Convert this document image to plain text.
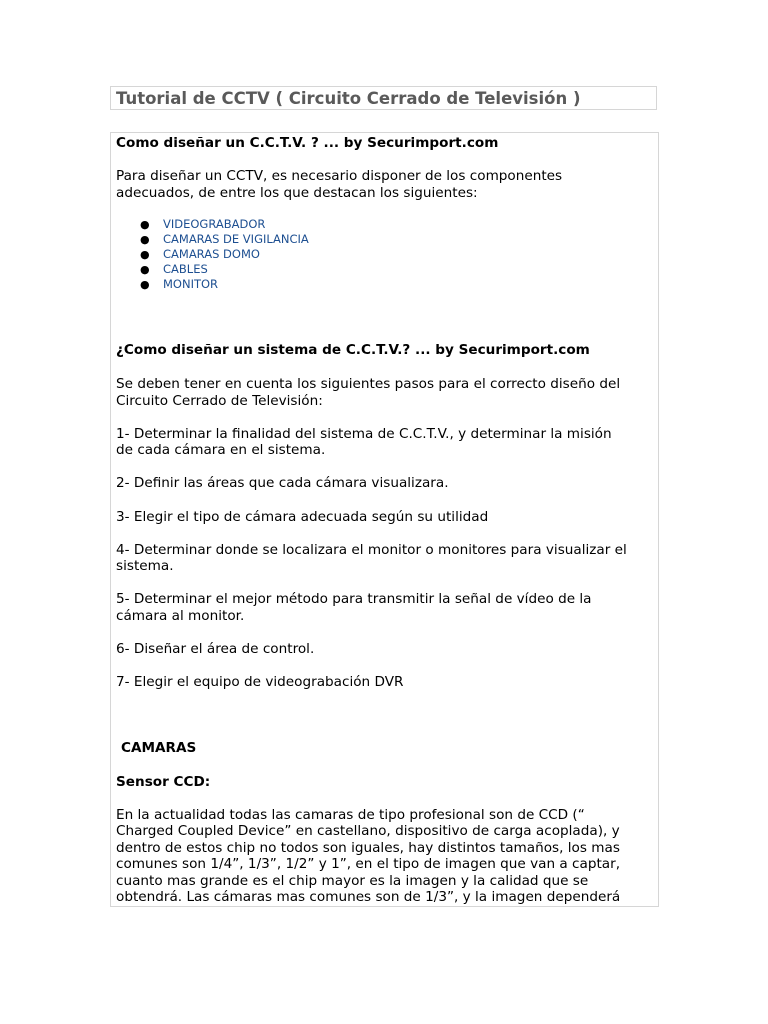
Tutorial de CCTV ( Circuito Cerrado de Televisión )

Como diseñar un C.C.T.V. ? ... by Securimport.com

Para diseñar un CCTV, es necesario disponer de los componentes

adecuados, de entre los que destacan los siguientes:

● VIDEOGRABADOR
● CAMARAS DE VIGILANCIA
● CAMARAS DOMO
● CABLES
● MONITOR

¿Como diseñar un sistema de C.C.T.V.? ... by Securimport.com

Se deben tener en cuenta los siguientes pasos para el correcto diseño del

Circuito Cerrado de Televisión:

1- Determinar la finalidad del sistema de C.C.T.V., y determinar la misión

de cada cámara en el sistema.

2- Definir las áreas que cada cámara visualizara.

3- Elegir el tipo de cámara adecuada según su utilidad

4- Determinar donde se localizara el monitor o monitores para visualizar el

sistema.

5- Determinar el mejor método para transmitir la señal de vídeo de la

cámara al monitor.

6- Diseñar el área de control.

7- Elegir el equipo de videograbación DVR

CAMARAS

Sensor CCD:

En la actualidad todas las camaras de tipo profesional son de CCD (“

Charged Coupled Device” en castellano, dispositivo de carga acoplada), y

dentro de estos chip no todos son iguales, hay distintos tamaños, los mas

comunes son 1/4”, 1/3”, 1/2” y 1”, en el tipo de imagen que van a captar,

cuanto mas grande es el chip mayor es la imagen y la calidad que se

obtendrá. Las cámaras mas comunes son de 1/3”, y la imagen dependerá
